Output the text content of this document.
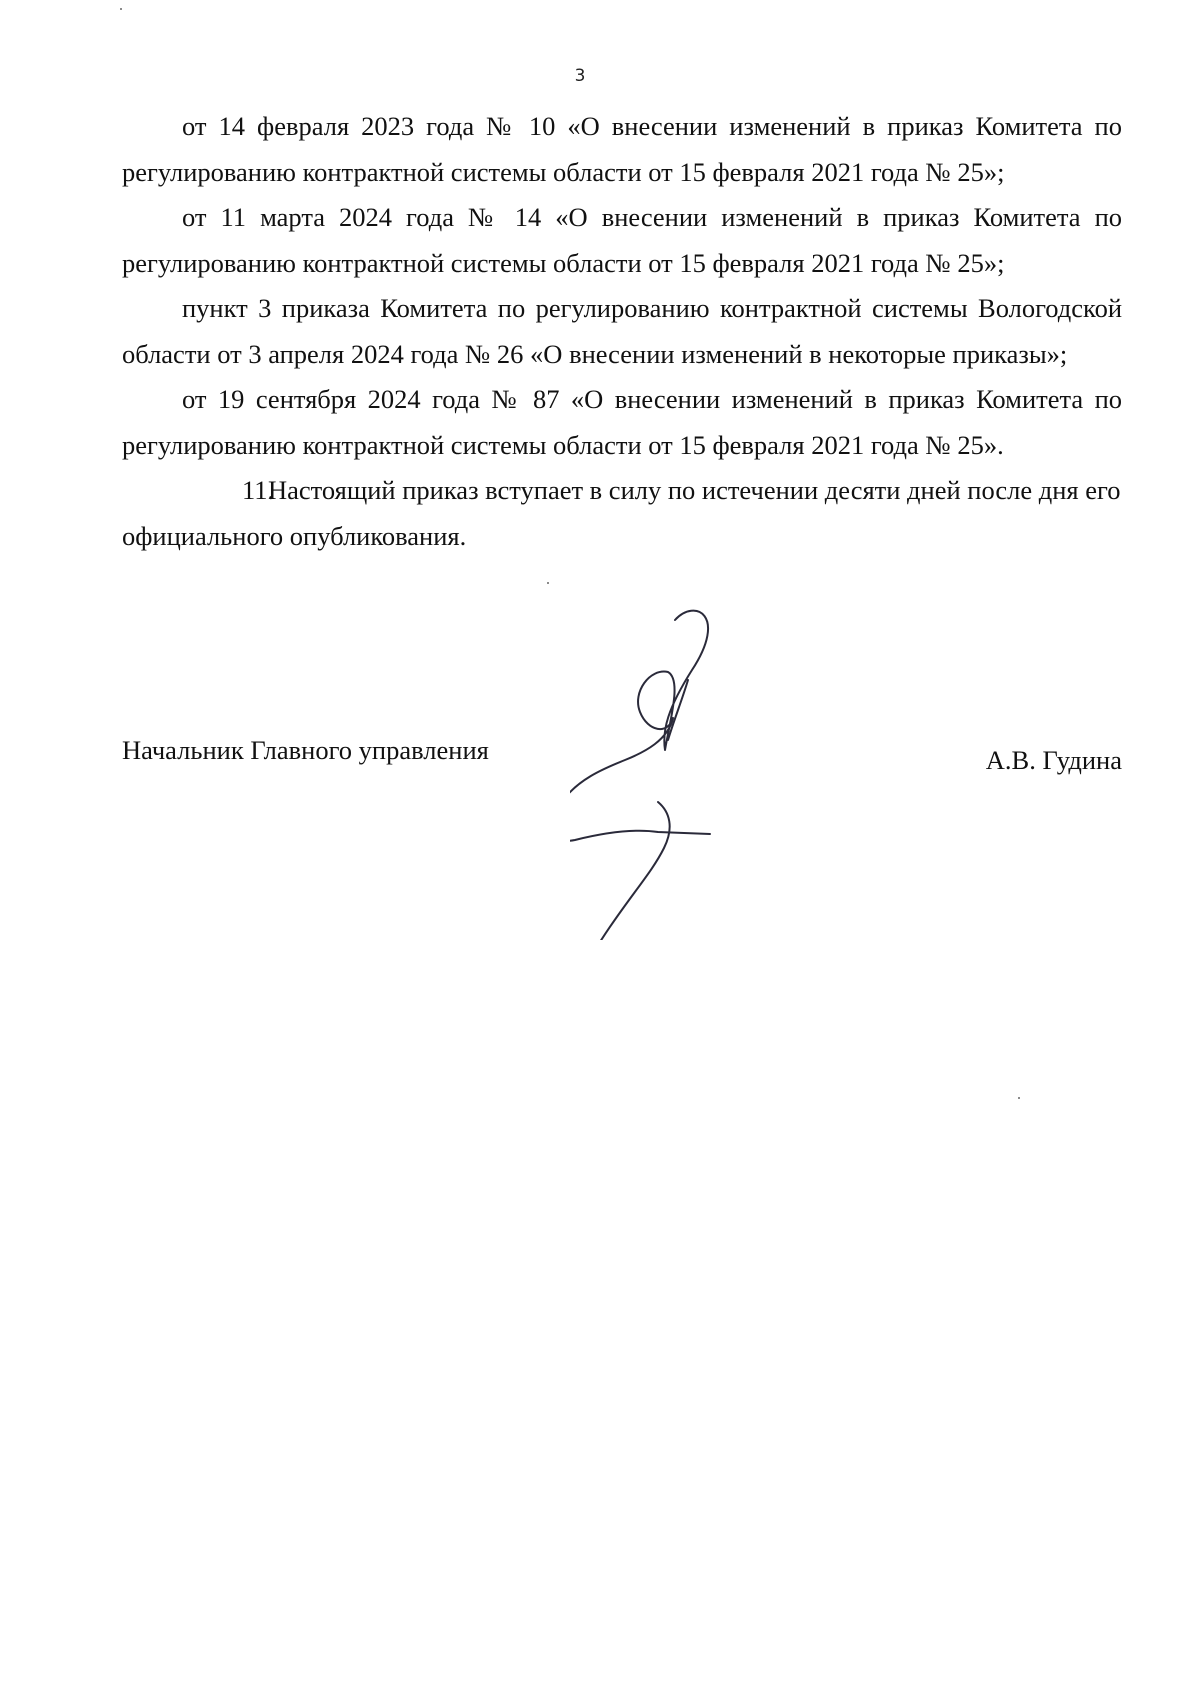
3

от 14 февраля 2023 года № 10 «О внесении изменений в приказ Комитета по регулированию контрактной системы области от 15 февраля 2021 года № 25»;

от 11 марта 2024 года № 14 «О внесении изменений в приказ Комитета по регулированию контрактной системы области от 15 февраля 2021 года № 25»;

пункт 3 приказа Комитета по регулированию контрактной системы Вологодской области от 3 апреля 2024 года № 26 «О внесении изменений в некоторые приказы»;

от 19 сентября 2024 года № 87 «О внесении изменений в приказ Комитета по регулированию контрактной системы области от 15 февраля 2021 года № 25».

11.Настоящий приказ вступает в силу по истечении десяти дней после дня его официального опубликования.

Начальник Главного управления	А.В. Гудина
